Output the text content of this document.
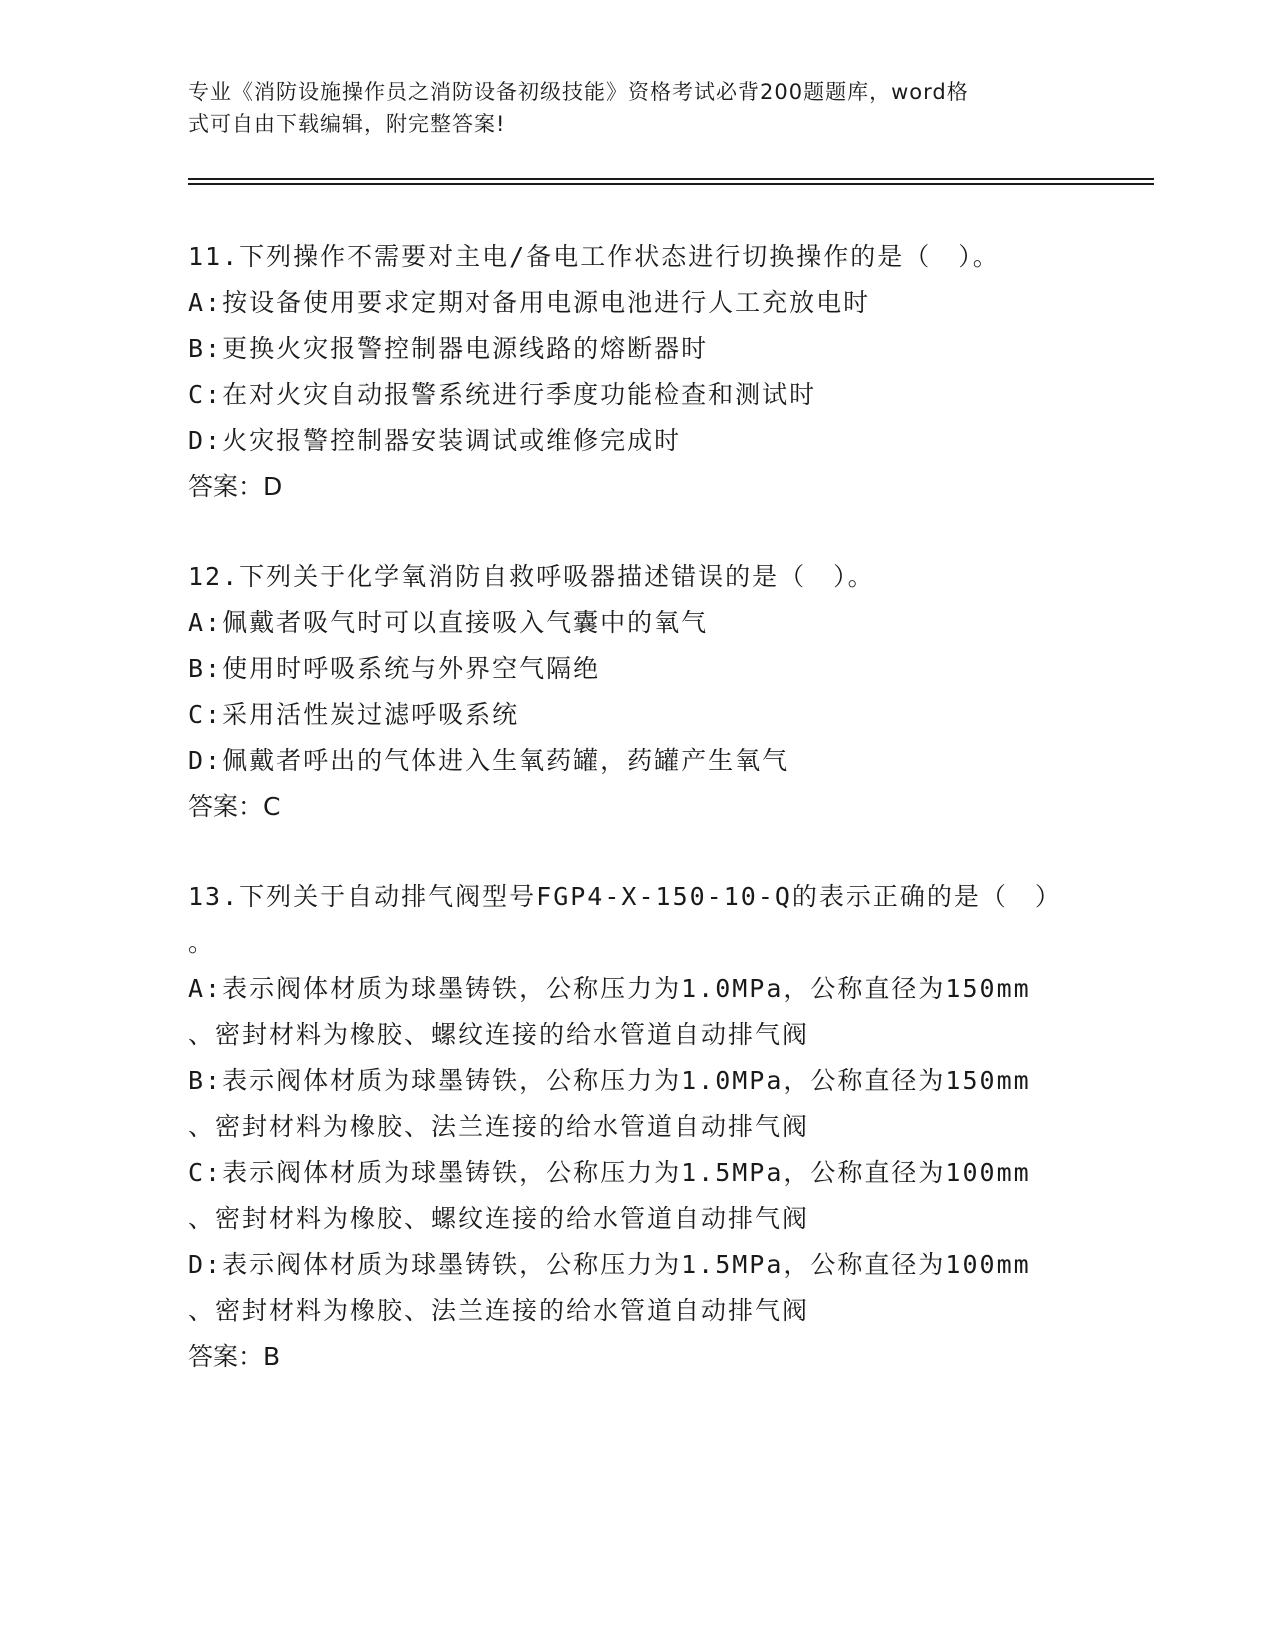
专业《消防设施操作员之消防设备初级技能》资格考试必背200题题库，word格
式可自由下载编辑，附完整答案!
11.下列操作不需要对主电/备电工作状态进行切换操作的是（　）。
A:按设备使用要求定期对备用电源电池进行人工充放电时
B:更换火灾报警控制器电源线路的熔断器时
C:在对火灾自动报警系统进行季度功能检查和测试时
D:火灾报警控制器安装调试或维修完成时
答案：D
12.下列关于化学氧消防自救呼吸器描述错误的是（　）。
A:佩戴者吸气时可以直接吸入气囊中的氧气
B:使用时呼吸系统与外界空气隔绝
C:采用活性炭过滤呼吸系统
D:佩戴者呼出的气体进入生氧药罐，药罐产生氧气
答案：C
13.下列关于自动排气阀型号FGP4-X-150-10-Q的表示正确的是（　）
。
A:表示阀体材质为球墨铸铁，公称压力为1.0MPa，公称直径为150mm
、密封材料为橡胶、螺纹连接的给水管道自动排气阀
B:表示阀体材质为球墨铸铁，公称压力为1.0MPa，公称直径为150mm
、密封材料为橡胶、法兰连接的给水管道自动排气阀
C:表示阀体材质为球墨铸铁，公称压力为1.5MPa，公称直径为100mm
、密封材料为橡胶、螺纹连接的给水管道自动排气阀
D:表示阀体材质为球墨铸铁，公称压力为1.5MPa，公称直径为100mm
、密封材料为橡胶、法兰连接的给水管道自动排气阀
答案：B
